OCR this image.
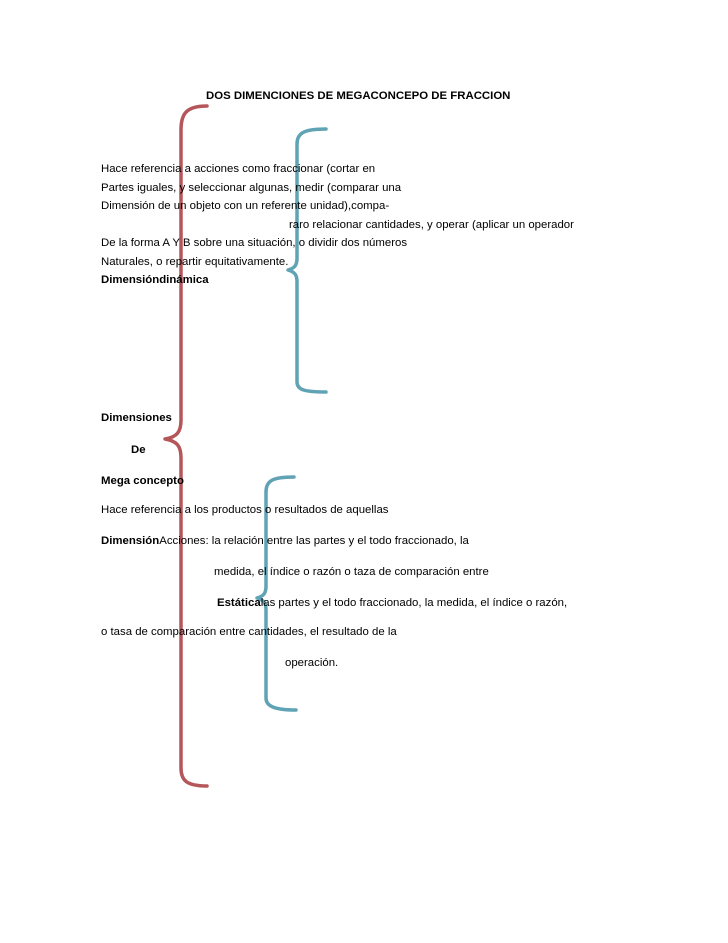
DOS DIMENCIONES DE MEGACONCEPO DE FRACCION
Hace referencia a acciones como fraccionar (cortar en
Partes iguales, y seleccionar algunas, medir (comparar una
Dimensión de un objeto con un referente unidad),compa-
raro relacionar cantidades, y operar (aplicar un operador
De la forma A Y B sobre una situación, o dividir dos números
Naturales, o repartir equitativamente.
Dimensióndinámica
Dimensiones
De
Mega concepto
Hace referencia a los productos o resultados de aquellas
DimensiónAcciones: la relación entre las partes y el todo fraccionado, la
medida, el índice o razón o taza de comparación entre
Estáticalas partes y el todo fraccionado, la medida, el índice o razón,
o tasa de comparación entre cantidades, el resultado de la
operación.
